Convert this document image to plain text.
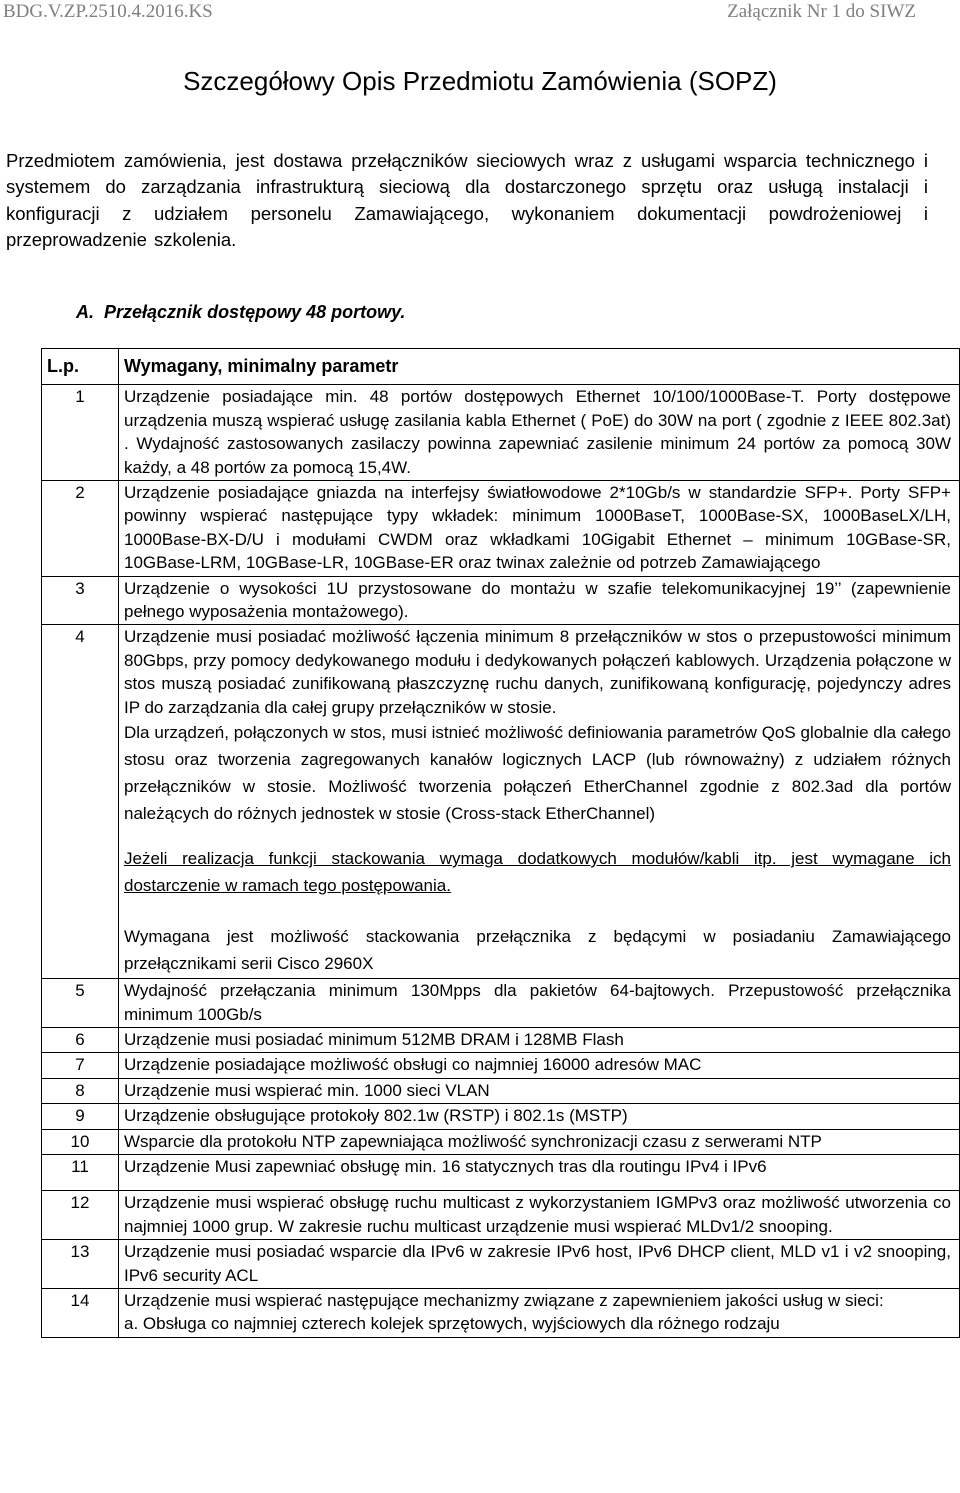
BDG.V.ZP.2510.4.2016.KS	Załącznik Nr 1 do SIWZ
Szczegółowy Opis Przedmiotu Zamówienia (SOPZ)

Przedmiotem zamówienia, jest dostawa przełączników sieciowych wraz z usługami wsparcia technicznego i systemem do zarządzania infrastrukturą sieciową dla dostarczonego sprzętu oraz usługą instalacji i konfiguracji z udziałem personelu Zamawiającego, wykonaniem dokumentacji powdrożeniowej i przeprowadzenie szkolenia.

A. Przełącznik dostępowy 48 portowy.

L.p.	Wymagany, minimalny parametr
1	Urządzenie posiadające min. 48 portów dostępowych Ethernet 10/100/1000Base-T. Porty dostępowe urządzenia muszą wspierać usługę zasilania kabla Ethernet ( PoE) do 30W na port ( zgodnie z IEEE 802.3at) . Wydajność zastosowanych zasilaczy powinna zapewniać zasilenie minimum 24 portów za pomocą 30W każdy, a 48 portów za pomocą 15,4W.
2	Urządzenie posiadające gniazda na interfejsy światłowodowe 2*10Gb/s w standardzie SFP+. Porty SFP+ powinny wspierać następujące typy wkładek: minimum 1000BaseT, 1000Base-SX, 1000BaseLX/LH, 1000Base-BX-D/U i modułami CWDM oraz wkładkami 10Gigabit Ethernet – minimum 10GBase-SR, 10GBase-LRM, 10GBase-LR, 10GBase-ER oraz twinax zależnie od potrzeb Zamawiającego
3	Urządzenie o wysokości 1U przystosowane do montażu w szafie telekomunikacyjnej 19’’ (zapewnienie pełnego wyposażenia montażowego).
4	Urządzenie musi posiadać możliwość łączenia minimum 8 przełączników w stos o przepustowości minimum 80Gbps, przy pomocy dedykowanego modułu i dedykowanych połączeń kablowych. Urządzenia połączone w stos muszą posiadać zunifikowaną płaszczyznę ruchu danych, zunifikowaną konfigurację, pojedynczy adres IP do zarządzania dla całej grupy przełączników w stosie.

Dla urządzeń, połączonych w stos, musi istnieć możliwość definiowania parametrów QoS globalnie dla całego stosu oraz tworzenia zagregowanych kanałów logicznych LACP (lub równoważny) z udziałem różnych przełączników w stosie. Możliwość tworzenia połączeń EtherChannel zgodnie z 802.3ad dla portów należących do różnych jednostek w stosie (Cross-stack EtherChannel)

Jeżeli realizacja funkcji stackowania wymaga dodatkowych modułów/kabli itp. jest wymagane ich dostarczenie w ramach tego postępowania.

Wymagana jest możliwość stackowania przełącznika z będącymi w posiadaniu Zamawiającego przełącznikami serii Cisco 2960X

5	Wydajność przełączania minimum 130Mpps dla pakietów 64-bajtowych. Przepustowość przełącznika minimum 100Gb/s
6	Urządzenie musi posiadać minimum 512MB DRAM i 128MB Flash
7	Urządzenie posiadające możliwość obsługi co najmniej 16000 adresów MAC
8	Urządzenie musi wspierać min. 1000 sieci VLAN
9	Urządzenie obsługujące protokoły 802.1w (RSTP) i 802.1s (MSTP)
10	Wsparcie dla protokołu NTP zapewniająca możliwość synchronizacji czasu z serwerami NTP
11	Urządzenie Musi zapewniać obsługę min. 16 statycznych tras dla routingu IPv4 i IPv6
12	Urządzenie musi wspierać obsługę ruchu multicast z wykorzystaniem IGMPv3 oraz możliwość utworzenia co najmniej 1000 grup. W zakresie ruchu multicast urządzenie musi wspierać MLDv1/2 snooping.
13	Urządzenie musi posiadać wsparcie dla IPv6 w zakresie IPv6 host, IPv6 DHCP client, MLD v1 i v2 snooping, IPv6 security ACL
14	Urządzenie musi wspierać następujące mechanizmy związane z zapewnieniem jakości usług w sieci:

a. Obsługa co najmniej czterech kolejek sprzętowych, wyjściowych dla różnego rodzaju
